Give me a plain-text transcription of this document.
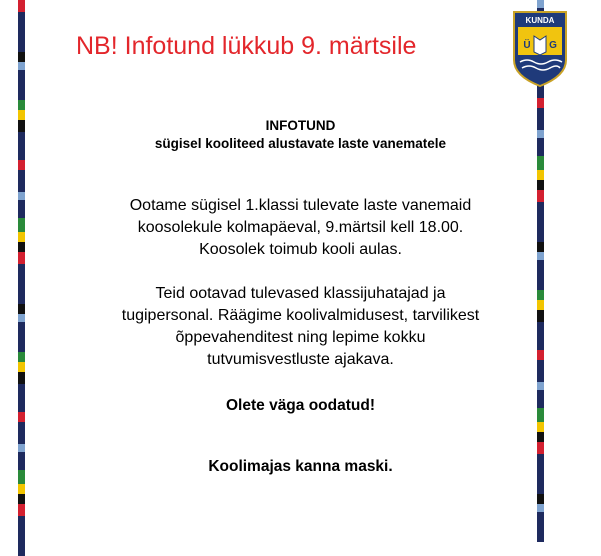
NB! Infotund lükkub 9. märtsile
KUNDA
Ü G
INFOTUND
sügisel kooliteed alustavate laste vanematele

Ootame sügisel 1.klassi tulevate laste vanemaid
koosolekule kolmapäeval, 9.märtsil kell 18.00.
Koosolek toimub kooli aulas.

Teid ootavad tulevased klassijuhatajad ja
tugipersonal. Räägime koolivalmidusest, tarvilikest
õppevahenditest ning lepime kokku
tutvumisvestluste ajakava.

Olete väga oodatud!
Koolimajas kanna maski.
